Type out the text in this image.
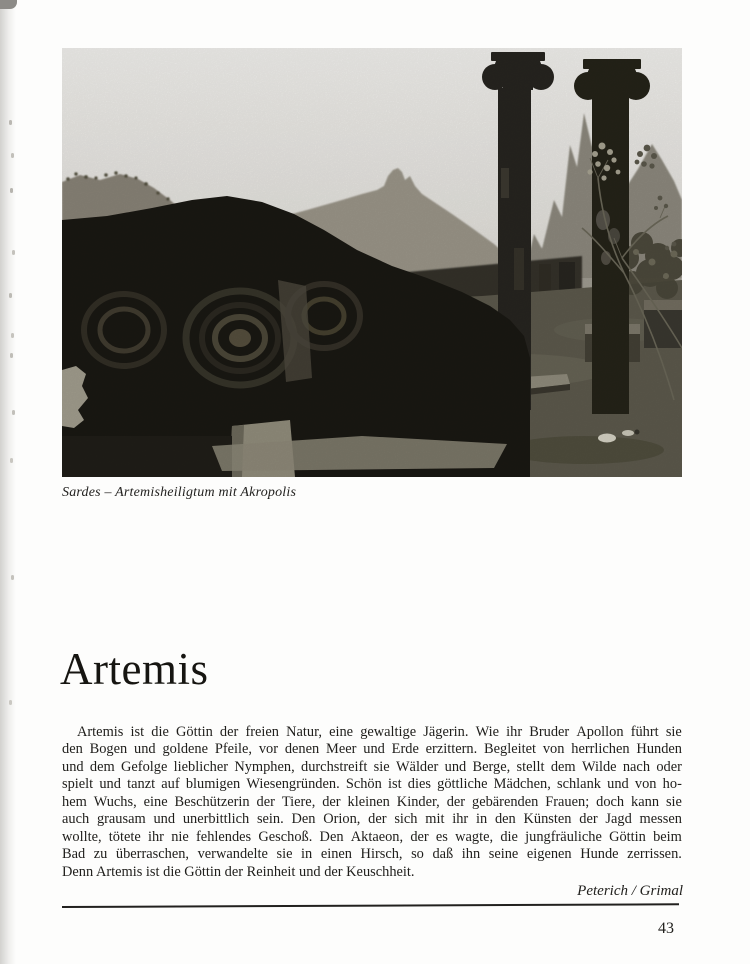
Sardes – Artemisheiligtum mit Akropolis
Artemis
Artemis ist die Göttin der freien Natur, eine gewaltige Jägerin. Wie ihr Bruder Apollon führt sie
den Bogen und goldene Pfeile, vor denen Meer und Erde erzittern. Begleitet von herrlichen Hunden
und dem Gefolge lieblicher Nymphen, durchstreift sie Wälder und Berge, stellt dem Wilde nach oder
spielt und tanzt auf blumigen Wiesengründen. Schön ist dies göttliche Mädchen, schlank und von ho-
hem Wuchs, eine Beschützerin der Tiere, der kleinen Kinder, der gebärenden Frauen; doch kann sie
auch grausam und unerbittlich sein. Den Orion, der sich mit ihr in den Künsten der Jagd messen
wollte, tötete ihr nie fehlendes Geschoß. Den Aktaeon, der es wagte, die jungfräuliche Göttin beim
Bad zu überraschen, verwandelte sie in einen Hirsch, so daß ihn seine eigenen Hunde zerrissen.
Denn Artemis ist die Göttin der Reinheit und der Keuschheit.
Peterich / Grimal
43
